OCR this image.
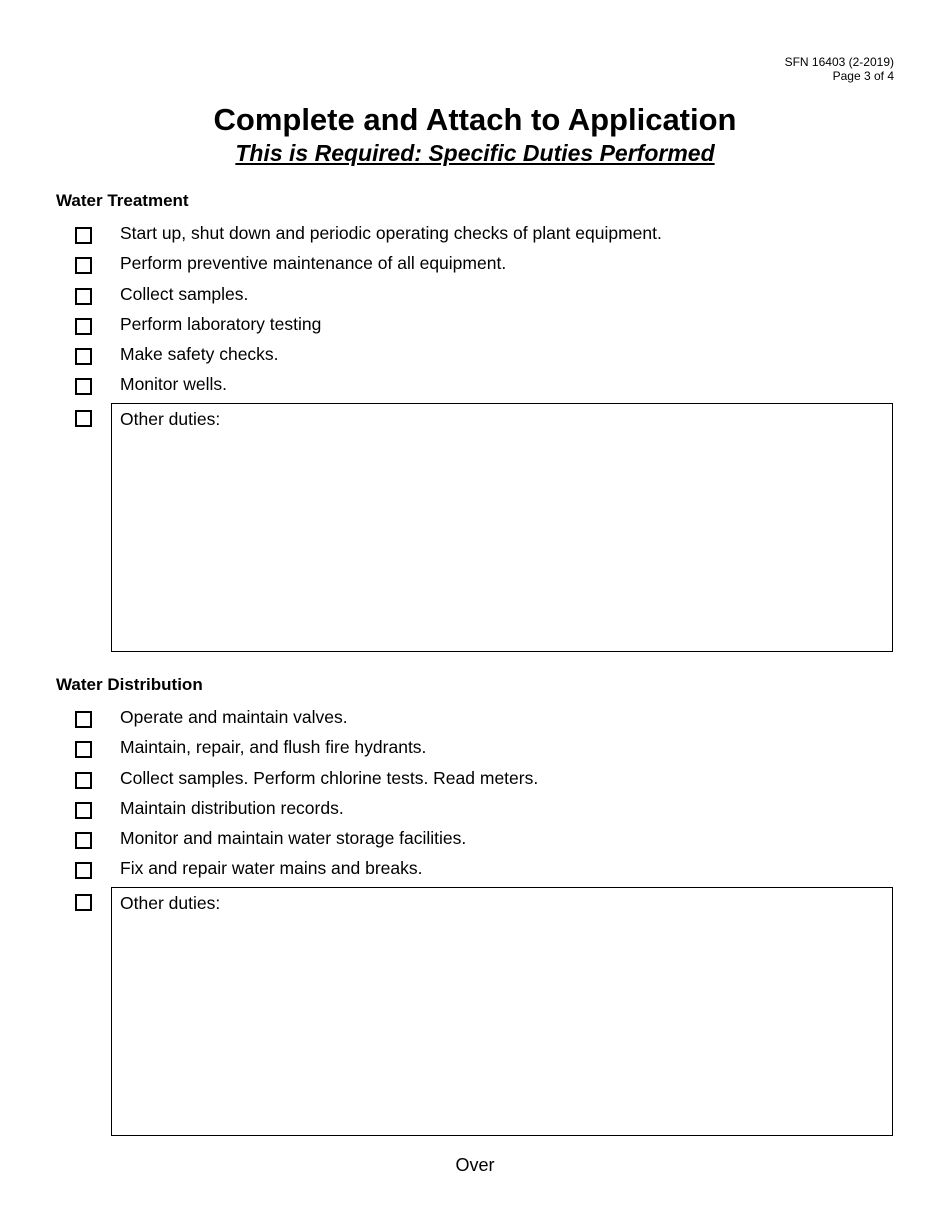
SFN 16403 (2-2019)
Page 3 of 4
Complete and Attach to Application
This is Required: Specific Duties Performed
Water Treatment
Start up, shut down and periodic operating checks of plant equipment.
Perform preventive maintenance of all equipment.
Collect samples.
Perform laboratory testing
Make safety checks.
Monitor wells.
Other duties:
Water Distribution
Operate and maintain valves.
Maintain, repair, and flush fire hydrants.
Collect samples. Perform chlorine tests. Read meters.
Maintain distribution records.
Monitor and maintain water storage facilities.
Fix and repair water mains and breaks.
Other duties:
Over
